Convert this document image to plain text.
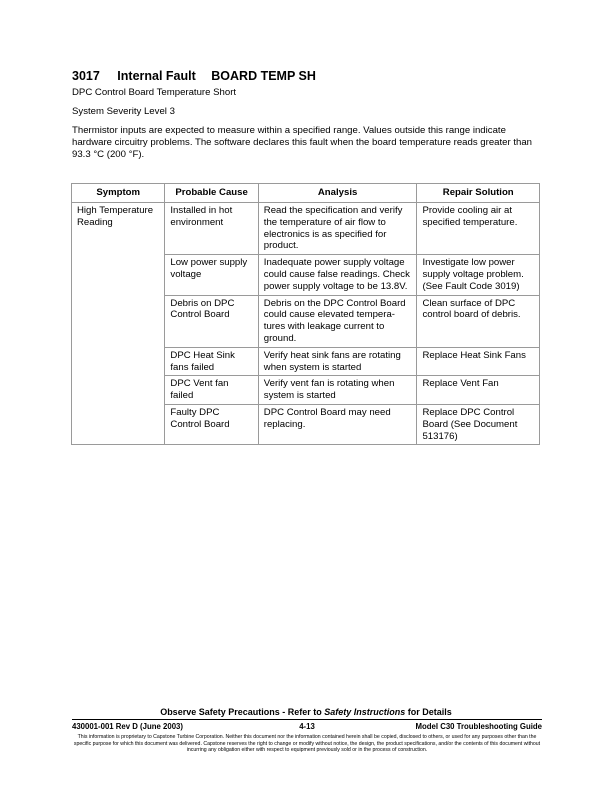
3017 Internal Fault BOARD TEMP SH
DPC Control Board Temperature Short
System Severity Level 3
Thermistor inputs are expected to measure within a specified range. Values outside this range indicate hardware circuitry problems. The software declares this fault when the board temperature reads greater than 93.3 °C (200 °F).
Symptom	Probable Cause	Analysis	Repair Solution
High Temperature Reading	Installed in hot environment	Read the specification and verify the temperature of air flow to electronics is as specified for product.	Provide cooling air at specified temperature.
	Low power supply voltage	Inadequate power supply voltage could cause false readings. Check power supply voltage to be 13.8V.	Investigate low power supply voltage problem. (See Fault Code 3019)
	Debris on DPC Control Board	Debris on the DPC Control Board could cause elevated tempera-tures with leakage current to ground.	Clean surface of DPC control board of debris.
	DPC Heat Sink fans failed	Verify heat sink fans are rotating when system is started	Replace Heat Sink Fans
	DPC Vent fan failed	Verify vent fan is rotating when system is started	Replace Vent Fan
	Faulty DPC Control Board	DPC Control Board may need replacing.	Replace DPC Control Board (See Document 513176)
Observe Safety Precautions - Refer to Safety Instructions for Details
430001-001 Rev D (June 2003)	4-13	Model C30 Troubleshooting Guide
This information is proprietary to Capstone Turbine Corporation. Neither this document nor the information contained herein shall be copied, disclosed to others, or used for any purposes other than the specific purpose for which this document was delivered. Capstone reserves the right to change or modify without notice, the design, the product specifications, and/or the contents of this document without incurring any obligation either with respect to equipment previously sold or in the process of construction.
